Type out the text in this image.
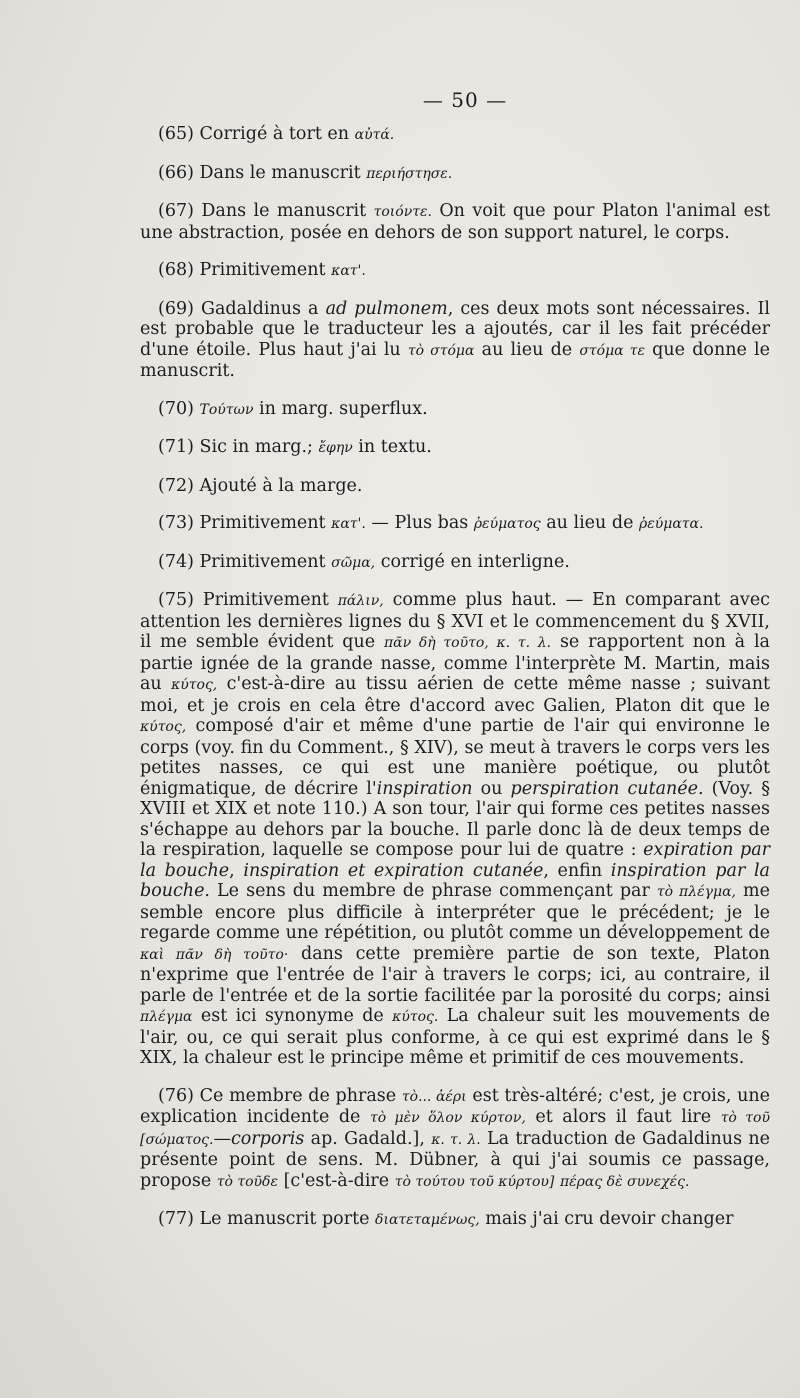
— 50 —

(65) Corrigé à tort en αὐτά.

(66) Dans le manuscrit περιήστησε.

(67) Dans le manuscrit τοιόντε. On voit que pour Platon l'animal est une abstraction, posée en dehors de son support naturel, le corps.

(68) Primitivement κατ'.

(69) Gadaldinus a ad pulmonem, ces deux mots sont nécessaires. Il est probable que le traducteur les a ajoutés, car il les fait précéder d'une étoile. Plus haut j'ai lu τὸ στόμα au lieu de στόμα τε que donne le manuscrit.

(70) Τούτων in marg. superflux.

(71) Sic in marg.; ἔφην in textu.

(72) Ajouté à la marge.

(73) Primitivement κατ'. — Plus bas ῥεύματος au lieu de ῥεύματα.

(74) Primitivement σῶμα, corrigé en interligne.

(75) Primitivement πάλιν, comme plus haut. — En comparant avec attention les dernières lignes du § XVI et le commencement du § XVII, il me semble évident que πᾶν δὴ τοῦτο, κ. τ. λ. se rapportent non à la partie ignée de la grande nasse, comme l'interprète M. Martin, mais au κύτος, c'est-à-dire au tissu aérien de cette même nasse ; suivant moi, et je crois en cela être d'accord avec Galien, Platon dit que le κύτος, composé d'air et même d'une partie de l'air qui environne le corps (voy. fin du Comment., § XIV), se meut à travers le corps vers les petites nasses, ce qui est une manière poétique, ou plutôt énigmatique, de décrire l'inspiration ou perspiration cutanée. (Voy. § XVIII et XIX et note 110.) A son tour, l'air qui forme ces petites nasses s'échappe au dehors par la bouche. Il parle donc là de deux temps de la respiration, laquelle se compose pour lui de quatre : expiration par la bouche, inspiration et expiration cutanée, enfin inspiration par la bouche. Le sens du membre de phrase commençant par τὸ πλέγμα, me semble encore plus difficile à interpréter que le précédent; je le regarde comme une répétition, ou plutôt comme un développement de καὶ πᾶν δὴ τοῦτο· dans cette première partie de son texte, Platon n'exprime que l'entrée de l'air à travers le corps; ici, au contraire, il parle de l'entrée et de la sortie facilitée par la porosité du corps; ainsi πλέγμα est ici synonyme de κύτος. La chaleur suit les mouvements de l'air, ou, ce qui serait plus conforme, à ce qui est exprimé dans le § XIX, la chaleur est le principe même et primitif de ces mouvements.

(76) Ce membre de phrase τὸ... ἀέρι est très-altéré; c'est, je crois, une explication incidente de τὸ μὲν ὅλον κύρτον, et alors il faut lire τὸ τοῦ [σώματος.—corporis ap. Gadald.], κ. τ. λ. La traduction de Gadaldinus ne présente point de sens. M. Dübner, à qui j'ai soumis ce passage, propose τὸ τοῦδε [c'est-à-dire τὸ τούτου τοῦ κύρτου] πέρας δὲ συνεχές.

(77) Le manuscrit porte διατεταμένως, mais j'ai cru devoir changer
